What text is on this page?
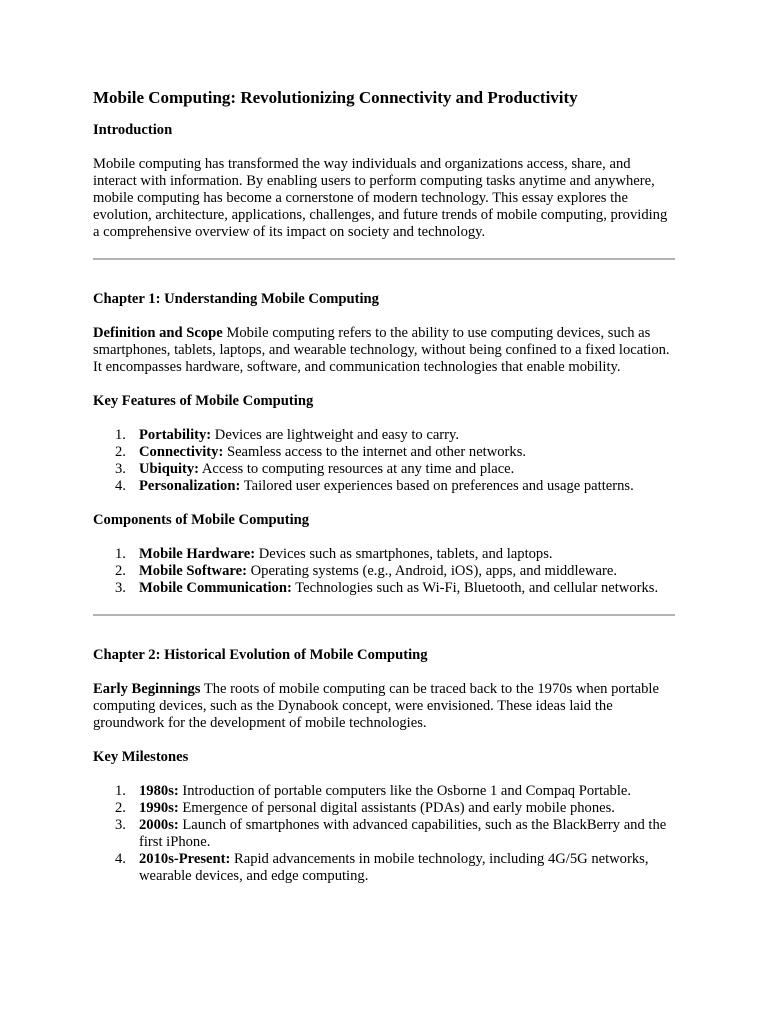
Mobile Computing: Revolutionizing Connectivity and Productivity
Introduction

Mobile computing has transformed the way individuals and organizations access, share, and interact with information. By enabling users to perform computing tasks anytime and anywhere, mobile computing has become a cornerstone of modern technology. This essay explores the evolution, architecture, applications, challenges, and future trends of mobile computing, providing a comprehensive overview of its impact on society and technology.

Chapter 1: Understanding Mobile Computing

Definition and Scope Mobile computing refers to the ability to use computing devices, such as smartphones, tablets, laptops, and wearable technology, without being confined to a fixed location. It encompasses hardware, software, and communication technologies that enable mobility.

Key Features of Mobile Computing
1. Portability: Devices are lightweight and easy to carry.
2. Connectivity: Seamless access to the internet and other networks.
3. Ubiquity: Access to computing resources at any time and place.
4. Personalization: Tailored user experiences based on preferences and usage patterns.
Components of Mobile Computing
1. Mobile Hardware: Devices such as smartphones, tablets, and laptops.
2. Mobile Software: Operating systems (e.g., Android, iOS), apps, and middleware.
3. Mobile Communication: Technologies such as Wi-Fi, Bluetooth, and cellular networks.
Chapter 2: Historical Evolution of Mobile Computing

Early Beginnings The roots of mobile computing can be traced back to the 1970s when portable computing devices, such as the Dynabook concept, were envisioned. These ideas laid the groundwork for the development of mobile technologies.

Key Milestones
1. 1980s: Introduction of portable computers like the Osborne 1 and Compaq Portable.
2. 1990s: Emergence of personal digital assistants (PDAs) and early mobile phones.
3. 2000s: Launch of smartphones with advanced capabilities, such as the BlackBerry and the first iPhone.
4. 2010s-Present: Rapid advancements in mobile technology, including 4G/5G networks, wearable devices, and edge computing.
